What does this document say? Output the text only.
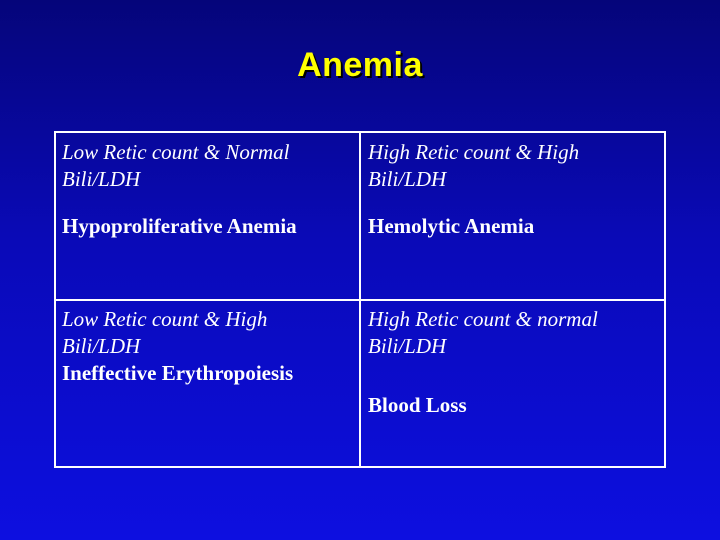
Anemia
Low Retic count & Normal
Bili/LDH
Hypoproliferative Anemia
High Retic count & High
Bili/LDH
Hemolytic Anemia
Low Retic count & High
Bili/LDH
Ineffective Erythropoiesis
High Retic count & normal
Bili/LDH
Blood Loss
